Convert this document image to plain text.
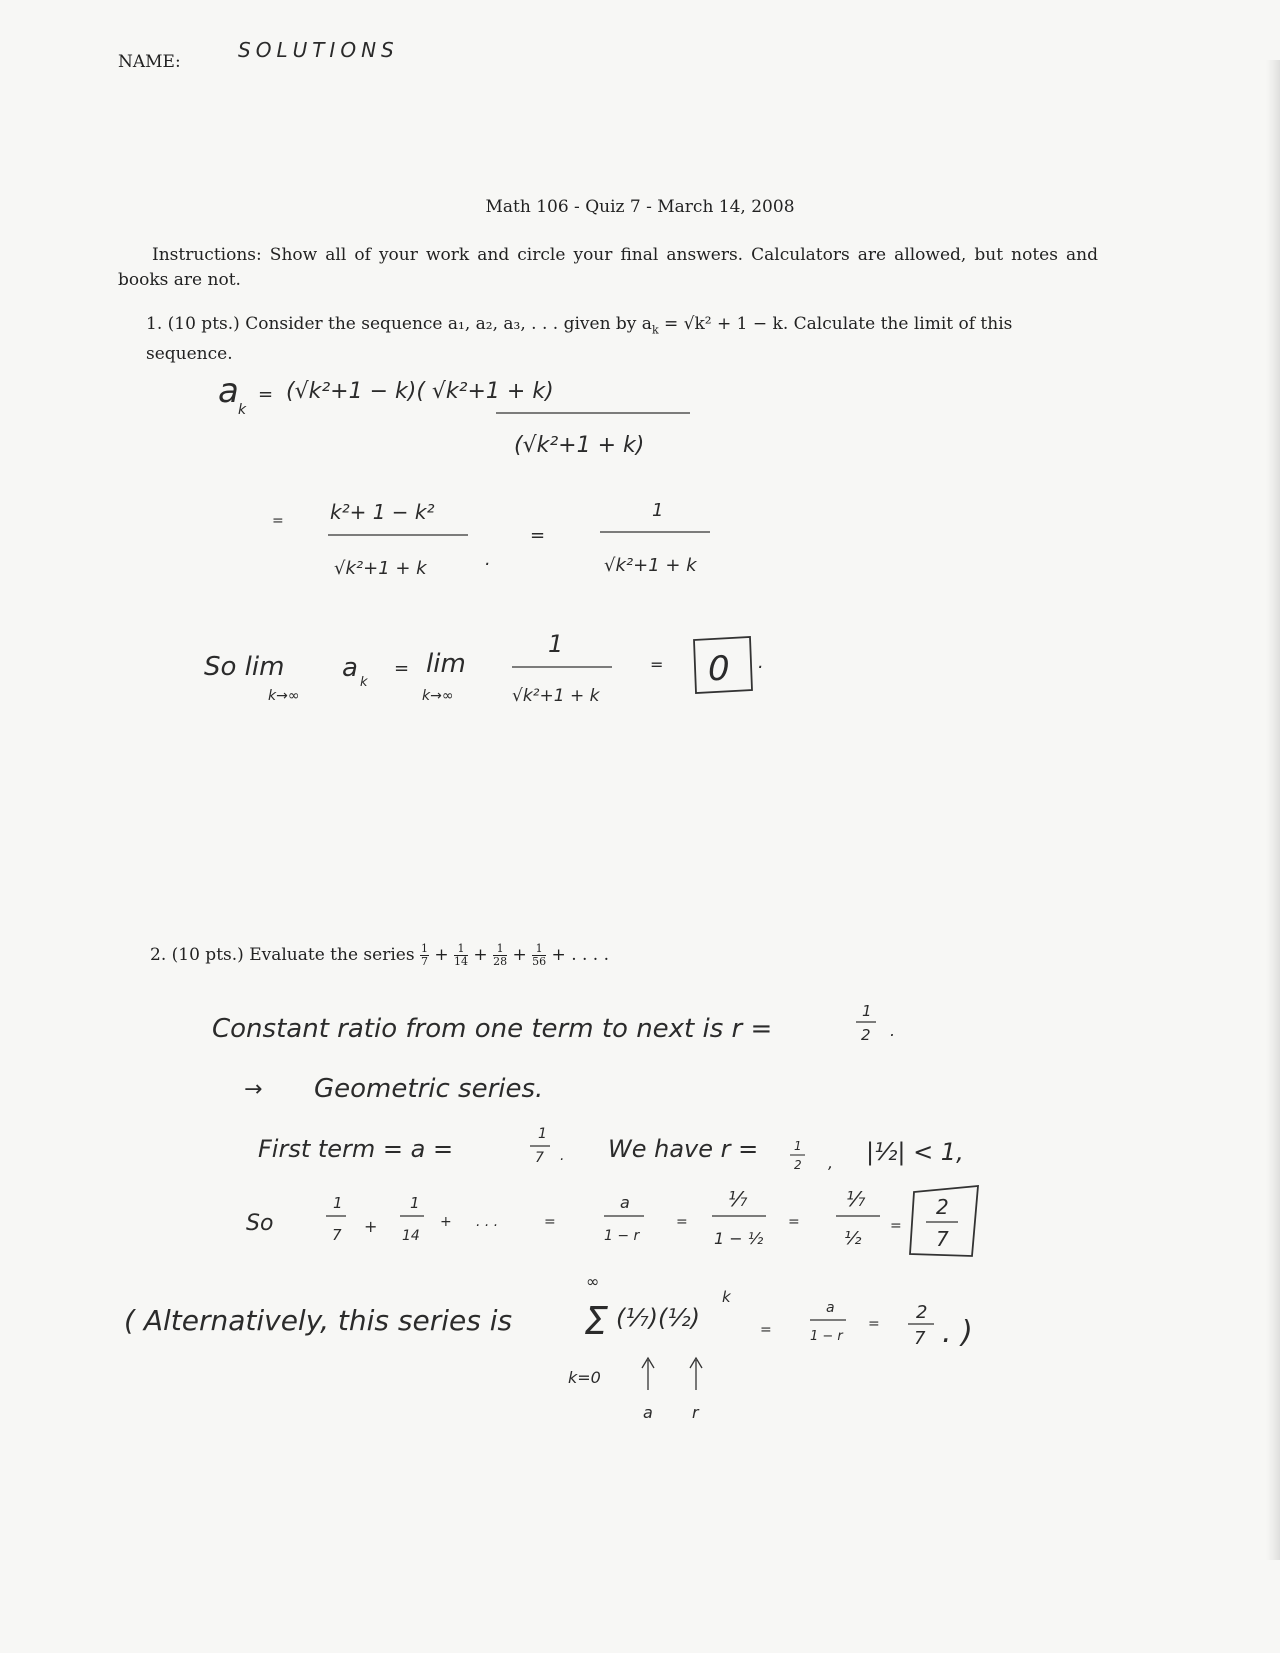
NAME:	SOLUTIONS
Math 106 - Quiz 7 - March 14, 2008
Instructions: Show all of your work and circle your final answers. Calculators are allowed, but notes and books are not.
1. (10 pts.) Consider the sequence a₁, a₂, a₃, . . . given by $a_k = √k^2 + 1 - k$. Calculate the limit of this sequence.
a k
= (√k²+1 − k)( √k²+1 + k)
(√k²+1 + k)
= k²+ 1 − k²
√k²+1 + k	.
=
1
√k²+1 + k
So lim
k→∞
a k
= lim
k→∞
1
√k²+1 + k
= 0 .
2. (10 pts.) Evaluate the series $\frac{1}{7} + \frac{1}{14} + \frac{1}{28} + \frac{1}{56}$ + . . . .
Constant ratio from one term to next is r =
1
2 .
→ Geometric series.
First term = a =
1
7 . We have r =	1
2 , |½| < 1,
So
1
7 +
1
14
+ . . .	=
a
1 − r
=
¹⁄₇
1 − ½
=
¹⁄₇
¹⁄₂
=
2
7
( Alternatively, this series is
∞
Σ
k=0
(¹⁄₇)(½)
k
=
a
1 − r
=
2
7 . )
a r
